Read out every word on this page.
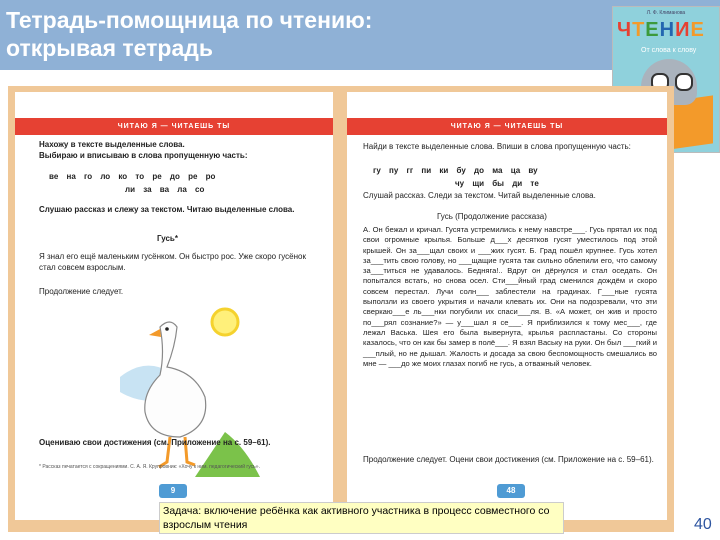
Тетрадь-помощница по чтению:
открывая тетрадь
Л. Ф. Климанова
ЧТЕНИЕ
От слова к слову
ЧИТАЮ Я — ЧИТАЕШЬ ТЫ

Нахожу в тексте выделенные слова.

Выбираю и вписываю в слова пропущенную часть:

ве на го ло ко то ре до ре ро
ли за ва ла со
Слушаю рассказ и слежу за текстом. Читаю выделенные слова.
Гусь*
Я знал его ещё маленьким гусёнком. Он быстро рос. Уже скоро гусёнок стал совсем взрослым.
Продолжение следует.
Оцениваю свои достижения (см. Приложение на с. 59–61).
* Рассказ печатается с сокращениями. С. А. Я. Крупровник: «Хочу к ним. педагогический гусь».
9
ЧИТАЮ Я — ЧИТАЕШЬ ТЫ
Найди в тексте выделенные слова. Впиши в слова пропущенную часть:
гу пу гг пи ки бу до ма ца ву
чу щи бы ди те
Слушай рассказ. Следи за текстом. Читай выделенные слова.
Гусь (Продолжение рассказа)
А. Он бежал и кричал. Гусята устремились к нему навстре___. Гусь прятал их под свои огромные крылья. Больше д___х десятков гусят уместилось под этой крышей. Он за___щал своих и ___жих гусят. Б. Град пошёл крупнее. Гусь хотел за___тить свою голову, но ___щащие гусята так сильно облепили его, что самому за___титься не удавалось. Бедняга!.. Вдруг он дёрнулся и стал оседать. Он попытался встать, но снова осел. Сти___йный град сменился дождём и скоро совсем перестал. Лучи солн___ заблестели на градинах. Г___ные гусята выползли из своего укрытия и начали клевать их. Они на подозревали, что эти сверкаю___е ль___нки погубили их спаси___ля. В. «А может, он жив и просто по___рял сознание?» — у___шал я се___. Я приблизился к тому мес___, где лежал Васька. Шея его была вывернута, крылья распластаны. Со стороны казалось, что он как бы замер в полё___. Я взял Ваську на руки. Он был ___гкий и ___плый, но не дышал. Жалость и досада за свою беспомощность смешались во мне — ___до же моих глазах погиб не гусь, а отважный человек.
Продолжение следует. Оцени свои достижения (см. Приложение на с. 59–61).
48
Задача: включение ребёнка как активного участника в процесс совместного со взрослым чтения	40
